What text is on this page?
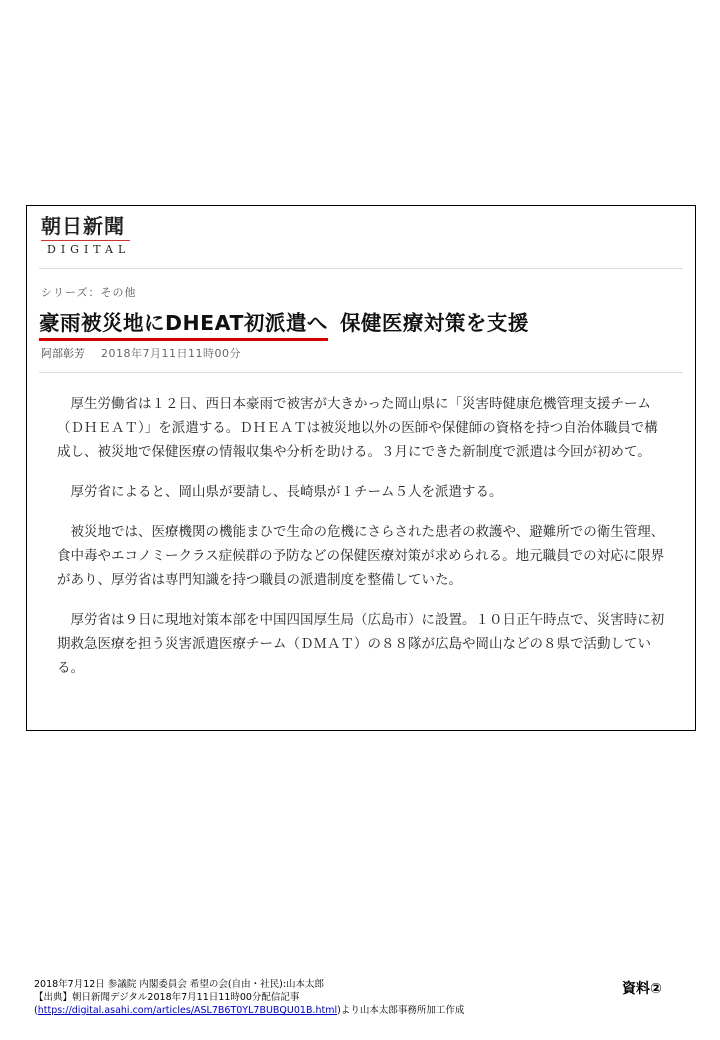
朝日新聞
DIGITAL
シリーズ：その他
豪雨被災地にDHEAT初派遣へ 保健医療対策を支援
阿部彰芳 2018年7月11日11時00分

厚生労働省は１２日、西日本豪雨で被害が大きかった岡山県に「災害時健康危機管理支援チーム（ＤＨＥＡＴ）」を派遣する。ＤＨＥＡＴは被災地以外の医師や保健師の資格を持つ自治体職員で構成し、被災地で保健医療の情報収集や分析を助ける。３月にできた新制度で派遣は今回が初めて。

厚労省によると、岡山県が要請し、長崎県が１チーム５人を派遣する。

被災地では、医療機関の機能まひで生命の危機にさらされた患者の救護や、避難所での衛生管理、食中毒やエコノミークラス症候群の予防などの保健医療対策が求められる。地元職員での対応に限界があり、厚労省は専門知識を持つ職員の派遣制度を整備していた。

厚労省は９日に現地対策本部を中国四国厚生局（広島市）に設置。１０日正午時点で、災害時に初期救急医療を担う災害派遣医療チーム（ＤＭＡＴ）の８８隊が広島や岡山などの８県で活動している。

2018年7月12日 参議院 内閣委員会 希望の会(自由・社民):山本太郎
【出典】朝日新聞デジタル2018年7月11日11時00分配信記事
(https://digital.asahi.com/articles/ASL7B6T0YL7BUBQU01B.html)より山本太郎事務所加工作成
資料②
